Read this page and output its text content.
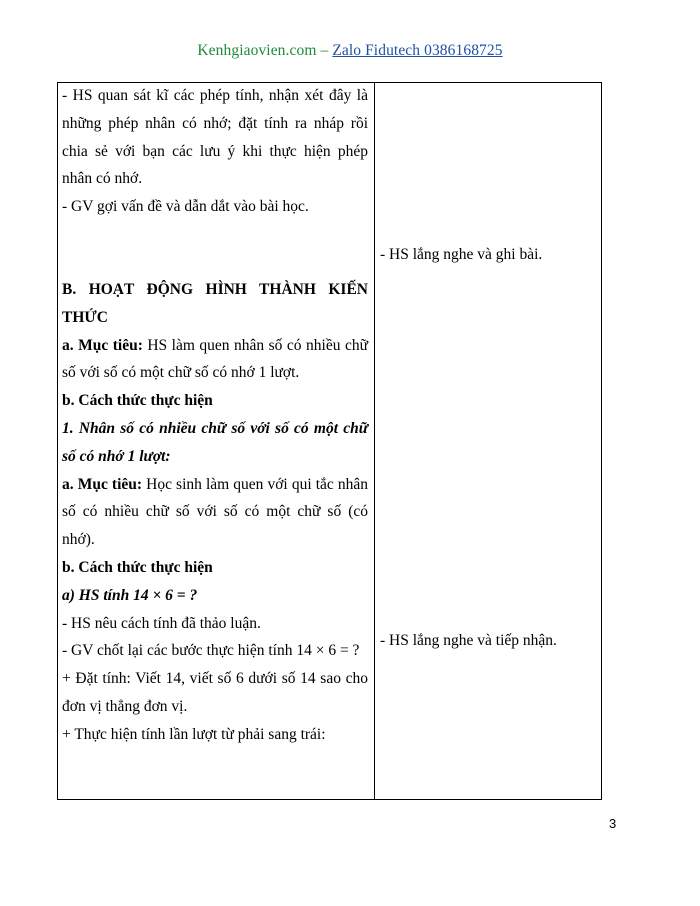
Kenhgiaovien.com – Zalo Fidutech 0386168725

- HS quan sát kĩ các phép tính, nhận xét đây là những phép nhân có nhớ; đặt tính ra nháp rồi chia sẻ với bạn các lưu ý khi thực hiện phép nhân có nhớ.

- GV gợi vấn đề và dẫn dắt vào bài học.

B. HOẠT ĐỘNG HÌNH THÀNH KIẾN

THỨC

a. Mục tiêu: HS làm quen nhân số có nhiều chữ số với số có một chữ số có nhớ 1 lượt.

b. Cách thức thực hiện

1. Nhân số có nhiều chữ số với số có một chữ số có nhớ 1 lượt:

a. Mục tiêu: Học sinh làm quen với qui tắc nhân số có nhiều chữ số với số có một chữ số (có nhớ).

b. Cách thức thực hiện

a) HS tính 14 × 6 = ?

- HS nêu cách tính đã thảo luận.

- GV chốt lại các bước thực hiện tính 14 × 6 = ?

+ Đặt tính: Viết 14, viết số 6 dưới số 14 sao cho đơn vị thẳng đơn vị.

+ Thực hiện tính lần lượt từ phải sang trái:

- HS lắng nghe và ghi bài.
- HS lắng nghe và tiếp nhận.
3
